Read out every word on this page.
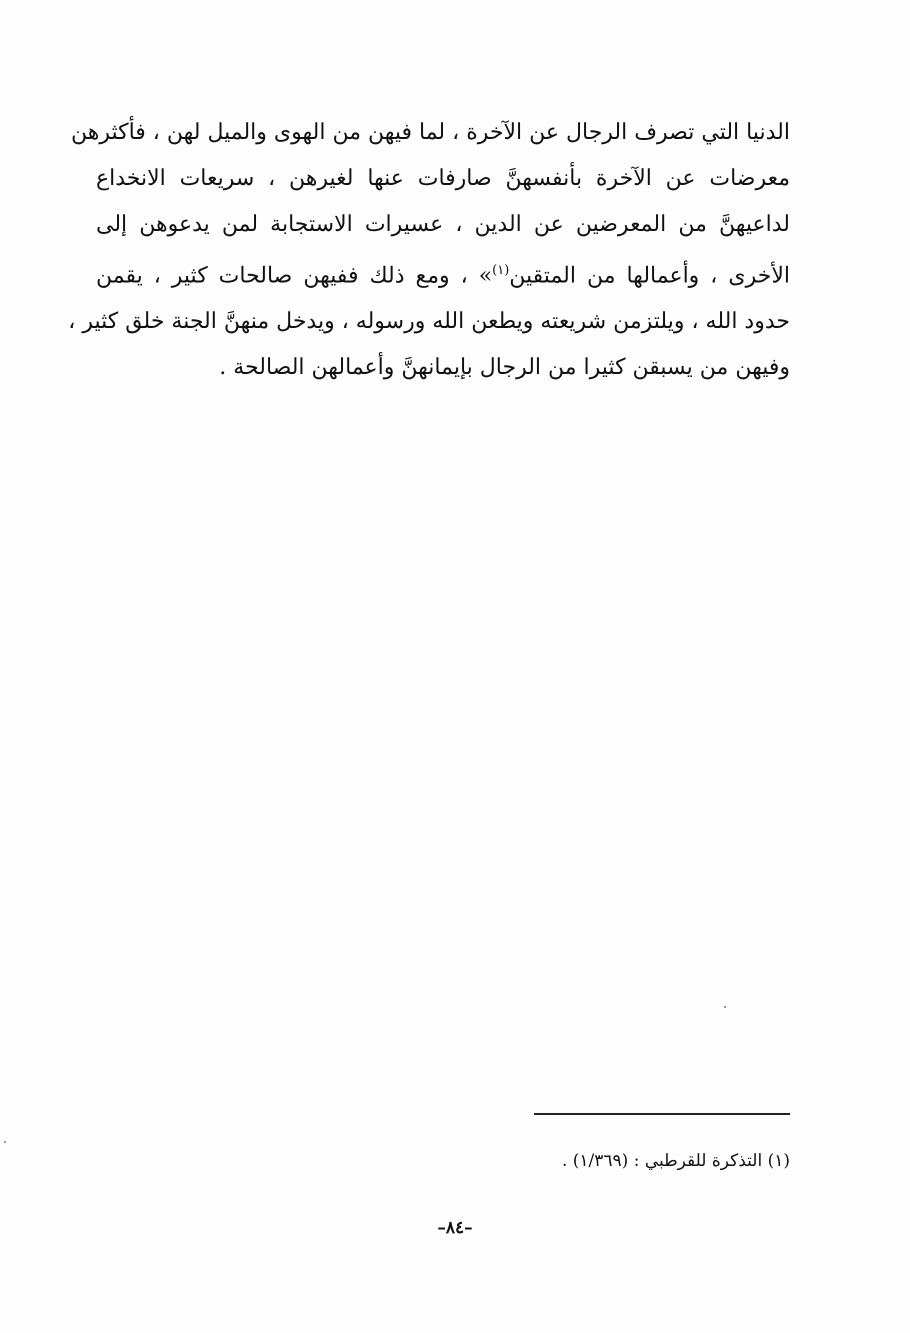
الدنيا التي تصرف الرجال عن الآخرة ، لما فيهن من الهوى والميل لهن ، فأكثرهن
معرضات عن الآخرة بأنفسهنَّ صارفات عنها لغيرهن ، سريعات الانخداع
لداعيهنَّ من المعرضين عن الدين ، عسيرات الاستجابة لمن يدعوهن إلى
الأخرى ، وأعمالها من المتقين$^{(١)}$» ، ومع ذلك ففيهن صالحات كثير ، يقمن
حدود الله ، ويلتزمن شريعته ويطعن الله ورسوله ، ويدخل منهنَّ الجنة خلق كثير ،
وفيهن من يسبقن كثيرا من الرجال بإيمانهنَّ وأعمالهن الصالحة .
(١) التذكرة للقرطبي : (١/٣٦٩) .
–٨٤–
